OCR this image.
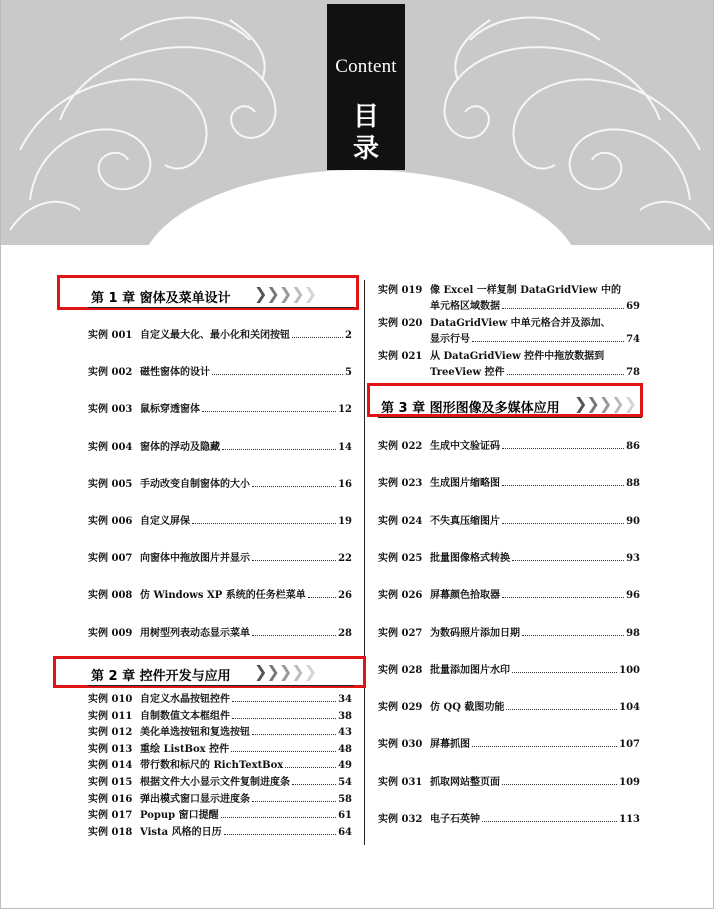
Content
目
录
第 1 章 窗体及菜单设计 ❯❯❯❯❯
实例 001 自定义最大化、最小化和关闭按钮	2
实例 002 磁性窗体的设计	5
实例 003 鼠标穿透窗体	12
实例 004 窗体的浮动及隐藏	14
实例 005 手动改变自制窗体的大小	16
实例 006 自定义屏保	19
实例 007 向窗体中拖放图片并显示	22
实例 008 仿 Windows XP 系统的任务栏菜单	26
实例 009 用树型列表动态显示菜单	28
第 2 章 控件开发与应用 ❯❯❯❯❯
实例 010 自定义水晶按钮控件	34
实例 011 自制数值文本框组件	38
实例 012 美化单选按钮和复选按钮	43
实例 013 重绘 ListBox 控件	48
实例 014 带行数和标尺的 RichTextBox	49
实例 015 根据文件大小显示文件复制进度条	54
实例 016 弹出模式窗口显示进度条	58
实例 017 Popup 窗口提醒	61
实例 018 Vista 风格的日历	64
实例 019 像 Excel 一样复制 DataGridView 中的
单元格区域数据	69
实例 020 DataGridView 中单元格合并及添加、
显示行号	74
实例 021 从 DataGridView 控件中拖放数据到
TreeView 控件	78
第 3 章 图形图像及多媒体应用 ❯❯❯❯❯
实例 022 生成中文验证码	86
实例 023 生成图片缩略图	88
实例 024 不失真压缩图片	90
实例 025 批量图像格式转换	93
实例 026 屏幕颜色拾取器	96
实例 027 为数码照片添加日期	98
实例 028 批量添加图片水印	100
实例 029 仿 QQ 截图功能	104
实例 030 屏幕抓图	107
实例 031 抓取网站整页面	109
实例 032 电子石英钟	113
